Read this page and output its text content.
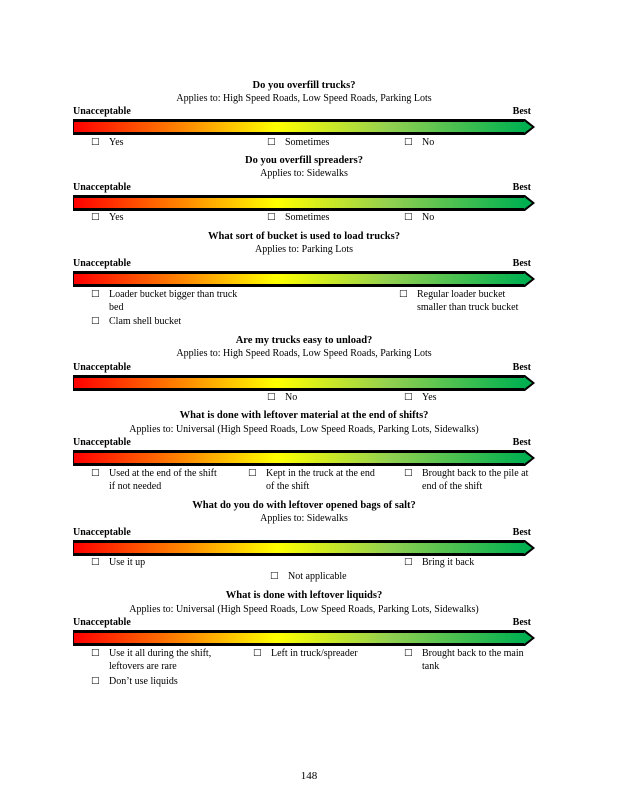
Do you overfill trucks?
Applies to: High Speed Roads, Low Speed Roads, Parking Lots
Unacceptable	Best
□ Yes	□ Sometimes	□ No
Do you overfill spreaders?
Applies to: Sidewalks
Unacceptable	Best
□ Yes	□ Sometimes	□ No
What sort of bucket is used to load trucks?
Applies to: Parking Lots
Unacceptable	Best
□ Loader bucket bigger than truck bed
□ Clam shell bucket
□ Regular loader bucket smaller than truck bucket
Are my trucks easy to unload?
Applies to: High Speed Roads, Low Speed Roads, Parking Lots
Unacceptable	Best
□ No	□ Yes
What is done with leftover material at the end of shifts?
Applies to: Universal (High Speed Roads, Low Speed Roads, Parking Lots, Sidewalks)
Unacceptable	Best
□ Used at the end of the shift if not needed
□ Kept in the truck at the end of the shift
□ Brought back to the pile at end of the shift
What do you do with leftover opened bags of salt?
Applies to: Sidewalks
Unacceptable	Best
□ Use it up	□ Bring it back
□ Not applicable
What is done with leftover liquids?
Applies to: Universal (High Speed Roads, Low Speed Roads, Parking Lots, Sidewalks)
Unacceptable	Best
□ Use it all during the shift, leftovers are rare
□ Don’t use liquids
□ Left in truck/spreader	□ Brought back to the main tank
148
